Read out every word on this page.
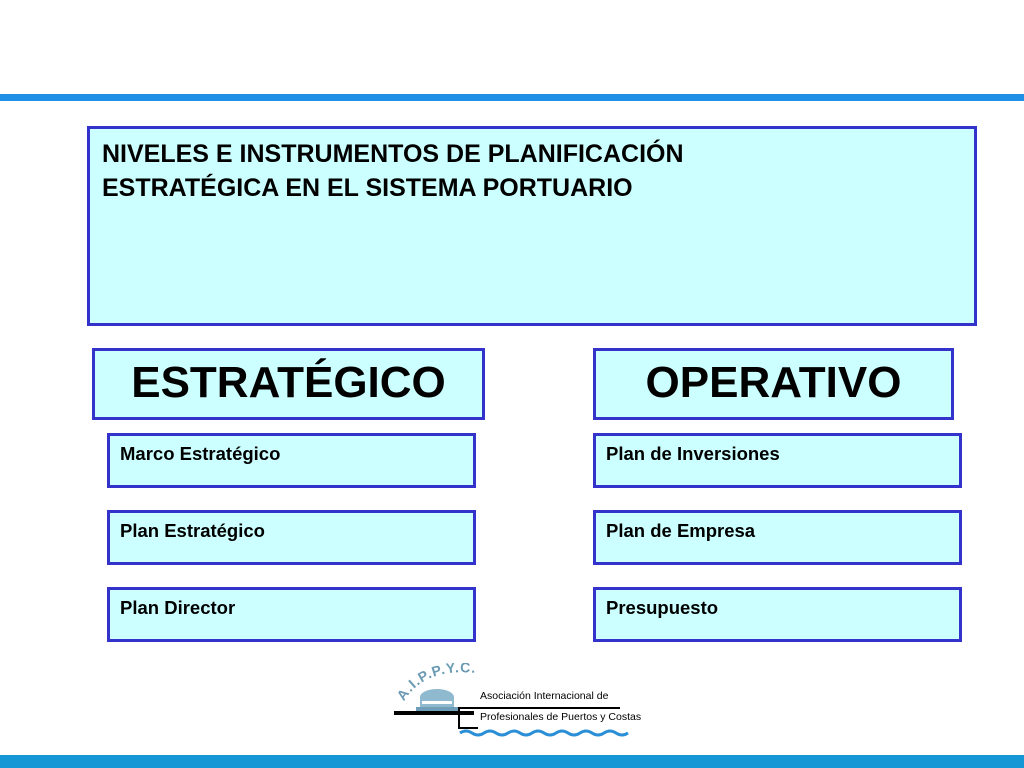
NIVELES E INSTRUMENTOS DE PLANIFICACIÓN
ESTRATÉGICA EN EL SISTEMA PORTUARIO
ESTRATÉGICO	OPERATIVO
Marco Estratégico
Plan Estratégico
Plan Director
Plan de Inversiones
Plan de Empresa
Presupuesto
A.I.P.P.Y.C.
Asociación Internacional de
Profesionales de Puertos y Costas
